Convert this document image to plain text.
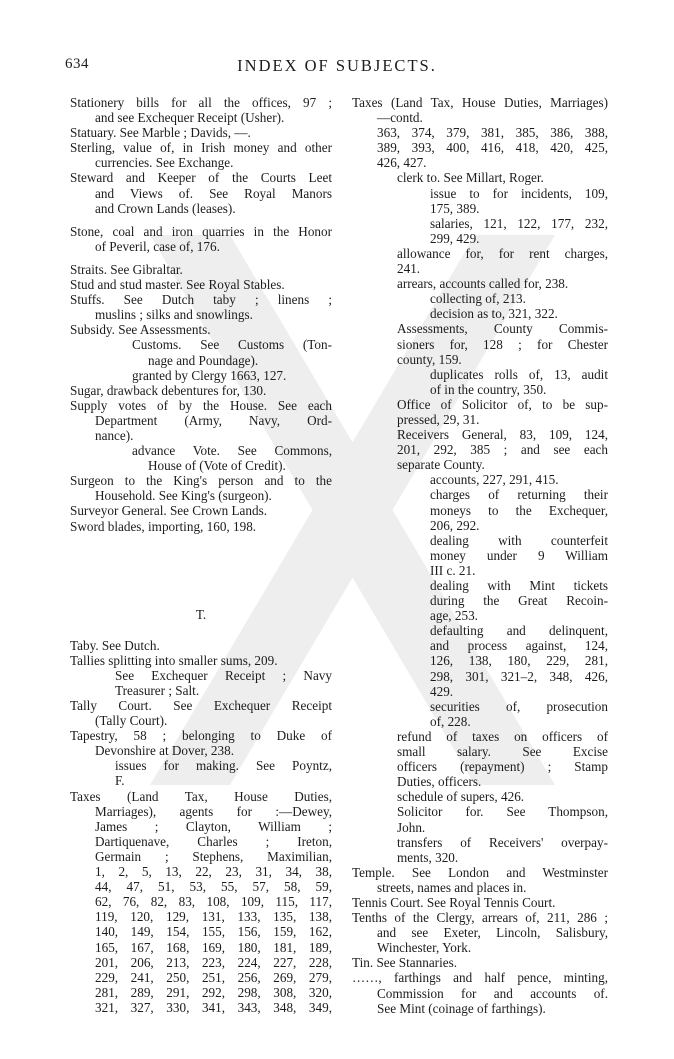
634	INDEX OF SUBJECTS.
Stationery bills for all the offices, 97 ;
and see Exchequer Receipt (Usher).
Statuary. See Marble ; Davids, —.
Sterling, value of, in Irish money and other
currencies. See Exchange.
Steward and Keeper of the Courts Leet
and Views of. See Royal Manors
and Crown Lands (leases).
Stone, coal and iron quarries in the Honor
of Peveril, case of, 176.
Straits. See Gibraltar.
Stud and stud master. See Royal Stables.
Stuffs. See Dutch taby ; linens ;
muslins ; silks and snowlings.
Subsidy. See Assessments.
Customs. See Customs (Ton-
nage and Poundage).
granted by Clergy 1663, 127.
Sugar, drawback debentures for, 130.
Supply votes of by the House. See each
Department (Army, Navy, Ord-
nance).
advance Vote. See Commons,
House of (Vote of Credit).
Surgeon to the King's person and to the
Household. See King's (surgeon).
Surveyor General. See Crown Lands.
Sword blades, importing, 160, 198.
T.
Taby. See Dutch.
Tallies splitting into smaller sums, 209.
See Exchequer Receipt ; Navy
Treasurer ; Salt.
Tally Court. See Exchequer Receipt
(Tally Court).
Tapestry, 58 ; belonging to Duke of
Devonshire at Dover, 238.
issues for making. See Poyntz,
F.
Taxes (Land Tax, House Duties,
Marriages), agents for :—Dewey,
James ; Clayton, William ;
Dartiquenave, Charles ; Ireton,
Germain ; Stephens, Maximilian,
1, 2, 5, 13, 22, 23, 31, 34, 38,
44, 47, 51, 53, 55, 57, 58, 59,
62, 76, 82, 83, 108, 109, 115, 117,
119, 120, 129, 131, 133, 135, 138,
140, 149, 154, 155, 156, 159, 162,
165, 167, 168, 169, 180, 181, 189,
201, 206, 213, 223, 224, 227, 228,
229, 241, 250, 251, 256, 269, 279,
281, 289, 291, 292, 298, 308, 320,
321, 327, 330, 341, 343, 348, 349,
Taxes (Land Tax, House Duties, Marriages)
—contd.
363, 374, 379, 381, 385, 386, 388,
389, 393, 400, 416, 418, 420, 425,
426, 427.
clerk to. See Millart, Roger.
issue to for incidents, 109,
175, 389.
salaries, 121, 122, 177, 232,
299, 429.
allowance for, for rent charges,
241.
arrears, accounts called for, 238.
collecting of, 213.
decision as to, 321, 322.
Assessments, County Commis-
sioners for, 128 ; for Chester
county, 159.
duplicates rolls of, 13, audit
of in the country, 350.
Office of Solicitor of, to be sup-
pressed, 29, 31.
Receivers General, 83, 109, 124,
201, 292, 385 ; and see each
separate County.
accounts, 227, 291, 415.
charges of returning their
moneys to the Exchequer,
206, 292.
dealing with counterfeit
money under 9 William
III c. 21.
dealing with Mint tickets
during the Great Recoin-
age, 253.
defaulting and delinquent,
and process against, 124,
126, 138, 180, 229, 281,
298, 301, 321–2, 348, 426,
429.
securities of, prosecution
of, 228.
refund of taxes on officers of
small salary. See Excise
officers (repayment) ; Stamp
Duties, officers.
schedule of supers, 426.
Solicitor for. See Thompson,
John.
transfers of Receivers' overpay-
ments, 320.
Temple. See London and Westminster
streets, names and places in.
Tennis Court. See Royal Tennis Court.
Tenths of the Clergy, arrears of, 211, 286 ;
and see Exeter, Lincoln, Salisbury,
Winchester, York.
Tin. See Stannaries.
……, farthings and half pence, minting,
Commission for and accounts of.
See Mint (coinage of farthings).
